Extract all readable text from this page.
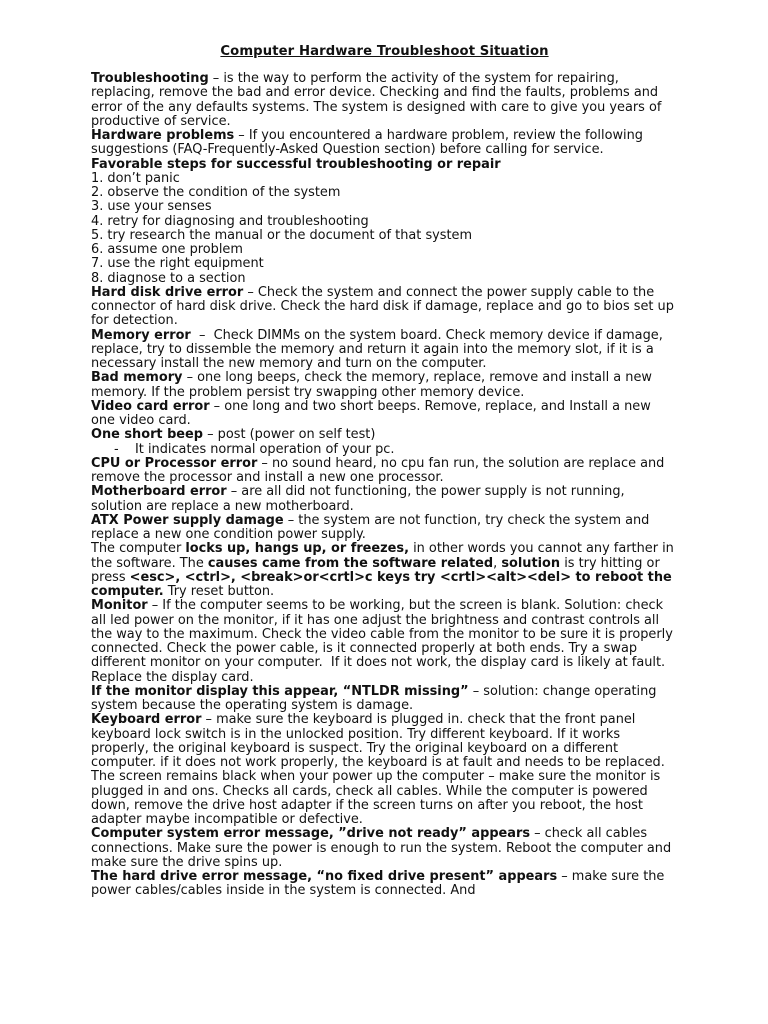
Computer Hardware Troubleshoot Situation

Troubleshooting – is the way to perform the activity of the system for repairing, replacing, remove the bad and error device. Checking and find the faults, problems and error of the any defaults systems. The system is designed with care to give you years of productive of service.

Hardware problems – If you encountered a hardware problem, review the following suggestions (FAQ-Frequently-Asked Question section) before calling for service.

Favorable steps for successful troubleshooting or repair

1. don’t panic

2. observe the condition of the system

3. use your senses

4. retry for diagnosing and troubleshooting

5. try research the manual or the document of that system

6. assume one problem

7. use the right equipment

8. diagnose to a section

Hard disk drive error – Check the system and connect the power supply cable to the connector of hard disk drive. Check the hard disk if damage, replace and go to bios set up for detection.

Memory error  –  Check DIMMs on the system board. Check memory device if damage, replace, try to dissemble the memory and return it again into the memory slot, if it is a necessary install the new memory and turn on the computer.

Bad memory – one long beeps, check the memory, replace, remove and install a new memory. If the problem persist try swapping other memory device.

Video card error – one long and two short beeps. Remove, replace, and Install a new one video card.

One short beep – post (power on self test)

- It indicates normal operation of your pc.

CPU or Processor error – no sound heard, no cpu fan run, the solution are replace and remove the processor and install a new one processor.

Motherboard error – are all did not functioning, the power supply is not running, solution are replace a new motherboard.

ATX Power supply damage – the system are not function, try check the system and replace a new one condition power supply.

The computer locks up, hangs up, or freezes, in other words you cannot any farther in the software. The causes came from the software related, solution is try hitting or press <esc>, <ctrl>, <break>or<crtl>c keys try <crtl><alt><del> to reboot the computer. Try reset button.

Monitor – If the computer seems to be working, but the screen is blank. Solution: check all led power on the monitor, if it has one adjust the brightness and contrast controls all the way to the maximum. Check the video cable from the monitor to be sure it is properly connected. Check the power cable, is it connected properly at both ends. Try a swap different monitor on your computer.  If it does not work, the display card is likely at fault. Replace the display card.

If the monitor display this appear, “NTLDR missing” – solution: change operating system because the operating system is damage.

Keyboard error – make sure the keyboard is plugged in. check that the front panel keyboard lock switch is in the unlocked position. Try different keyboard. If it works properly, the original keyboard is suspect. Try the original keyboard on a different computer. if it does not work properly, the keyboard is at fault and needs to be replaced.

The screen remains black when your power up the computer – make sure the monitor is plugged in and ons. Checks all cards, check all cables. While the computer is powered down, remove the drive host adapter if the screen turns on after you reboot, the host adapter maybe incompatible or defective.

Computer system error message, ”drive not ready” appears – check all cables connections. Make sure the power is enough to run the system. Reboot the computer and make sure the drive spins up.

The hard drive error message, “no fixed drive present” appears – make sure the power cables/cables inside in the system is connected. And
